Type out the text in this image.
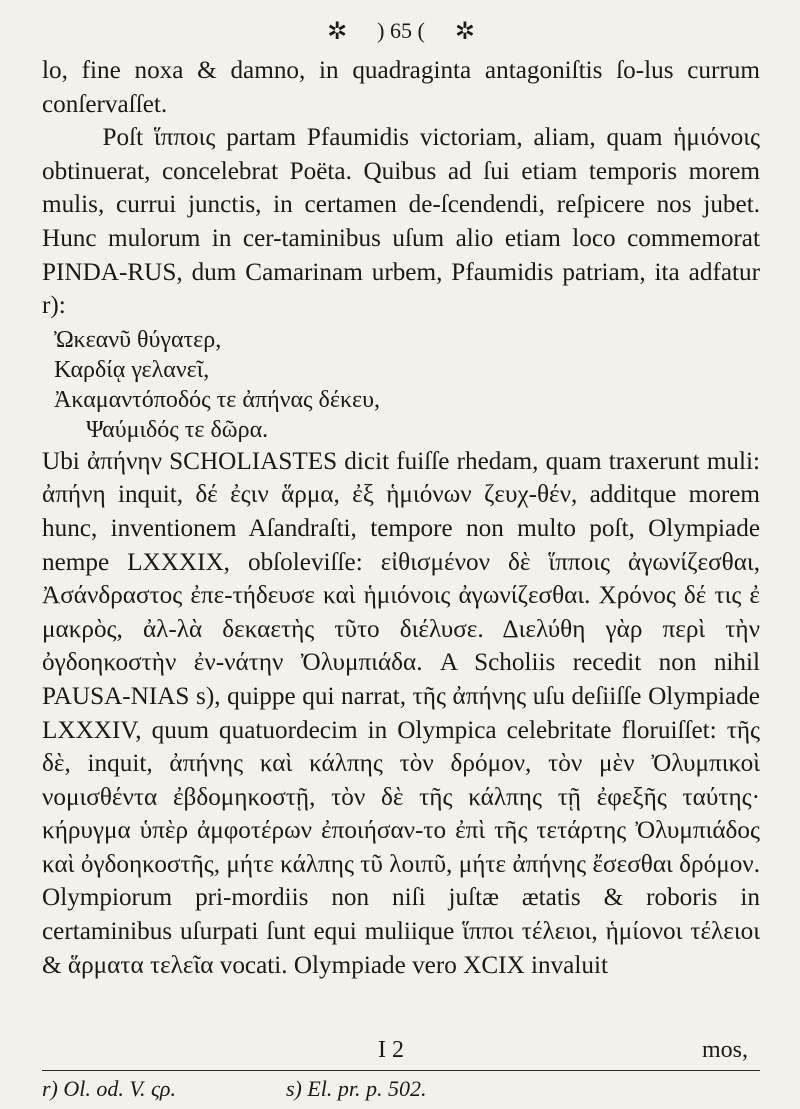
✲ ) 65 ( ✲

lo, fine noxa & damno, in quadraginta antagoniſtis ſo-lus currum conſervaſſet.

Poſt ἵπποις partam Pfaumidis victoriam, aliam, quam ἡμιόνοις obtinuerat, concelebrat Poëta. Quibus ad ſui etiam temporis morem mulis, currui junctis, in certamen de-ſcendendi, reſpicere nos jubet. Hunc mulorum in cer-taminibus uſum alio etiam loco commemorat PINDA-RUS, dum Camarinam urbem, Pfaumidis patriam, ita adfatur r):

Ὠκεανῦ θύγατερ,
Καρδίᾳ γελανεῖ,
Ἀκαμαντόποδός τε ἀπήνας δέκευ,
Ψαύμιδός τε δῶρα.

Ubi ἀπήνην SCHOLIASTES dicit fuiſſe rhedam, quam traxerunt muli: ἀπήνη inquit, δέ ἐςιν ἅρμα, ἐξ ἡμιόνων ζευχ-θέν, additque morem hunc, inventionem Aſandraſti, tempore non multo poſt, Olympiade nempe LXXXIX, obſoleviſſe: εἰθισμένον δὲ ἵπποις ἀγωνίζεσθαι, Ἀσάνδραστος ἐπε-τήδευσε καὶ ἡμιόνοις ἀγωνίζεσθαι. Χρόνος δέ τις ἐ μακρὸς, ἀλ-λὰ δεκαετὴς τῦτο διέλυσε. Διελύθη γὰρ περὶ τὴν ὀγδοηκοστὴν ἐν-νάτην Ὀλυμπιάδα. A Scholiis recedit non nihil PAUSA-NIAS s), quippe qui narrat, τῆς ἀπήνης uſu deſiiſſe Olympiade LXXXIV, quum quatuordecim in Olympica celebritate floruiſſet: τῆς δὲ, inquit, ἀπήνης καὶ κάλπης τὸν δρόμον, τὸν μὲν Ὀλυμπικοὶ νομισθέντα ἐβδομηκοστῇ, τὸν δὲ τῆς κάλπης τῇ ἐφεξῆς ταύτης· κήρυγμα ὑπὲρ ἀμφοτέρων ἐποιήσαν-το ἐπὶ τῆς τετάρτης Ὀλυμπιάδος καὶ ὀγδοηκοστῆς, μήτε κάλπης τῦ λοιπῦ, μήτε ἀπήνης ἔσεσθαι δρόμον. Olympiorum pri-mordiis non niſi juſtæ ætatis & roboris in certaminibus uſurpati ſunt equi muliique ἵπποι τέλειοι, ἡμίονοι τέλειοι & ἅρματα τελεῖα vocati. Olympiade vero XCIX invaluit

I 2	mos,
r) Ol. od. V. ςρ.	s) El. pr. p. 502.
